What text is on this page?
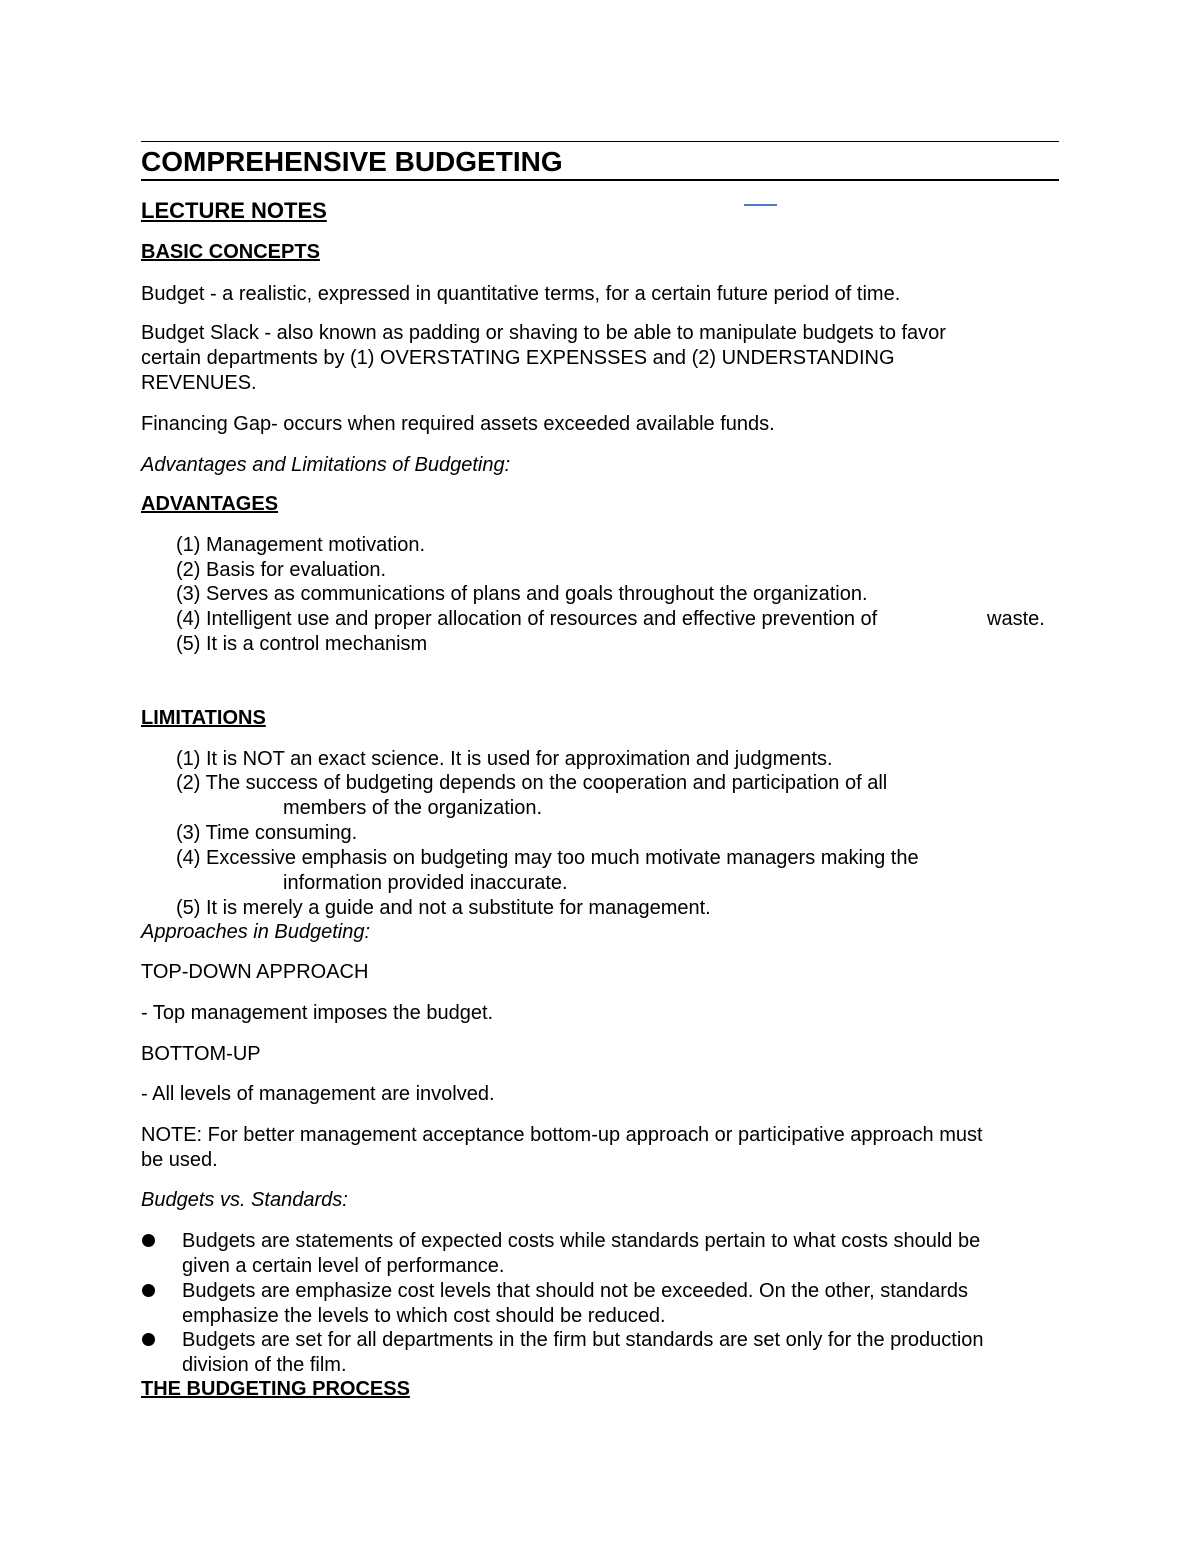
COMPREHENSIVE BUDGETING
LECTURE NOTES
BASIC CONCEPTS
Budget - a realistic, expressed in quantitative terms, for a certain future period of time.
Budget Slack - also known as padding or shaving to be able to manipulate budgets to favor
certain departments by (1) OVERSTATING EXPENSSES and (2) UNDERSTANDING
REVENUES.
Financing Gap- occurs when required assets exceeded available funds.
Advantages and Limitations of Budgeting:
ADVANTAGES
(1) Management motivation.
(2) Basis for evaluation.
(3) Serves as communications of plans and goals throughout the organization.
(4) Intelligent use and proper allocation of resources and effective prevention of	waste.
(5) It is a control mechanism
LIMITATIONS
(1) It is NOT an exact science. It is used for approximation and judgments.
(2) The success of budgeting depends on the cooperation and participation of all
members of the organization.
(3) Time consuming.
(4) Excessive emphasis on budgeting may too much motivate managers making the
information provided inaccurate.
(5) It is merely a guide and not a substitute for management.
Approaches in Budgeting:
TOP-DOWN APPROACH
- Top management imposes the budget.
BOTTOM-UP
- All levels of management are involved.
NOTE: For better management acceptance bottom-up approach or participative approach must
be used.
Budgets vs. Standards:
Budgets are statements of expected costs while standards pertain to what costs should be
given a certain level of performance.
Budgets are emphasize cost levels that should not be exceeded. On the other, standards
emphasize the levels to which cost should be reduced.
Budgets are set for all departments in the firm but standards are set only for the production
division of the film.
THE BUDGETING PROCESS
